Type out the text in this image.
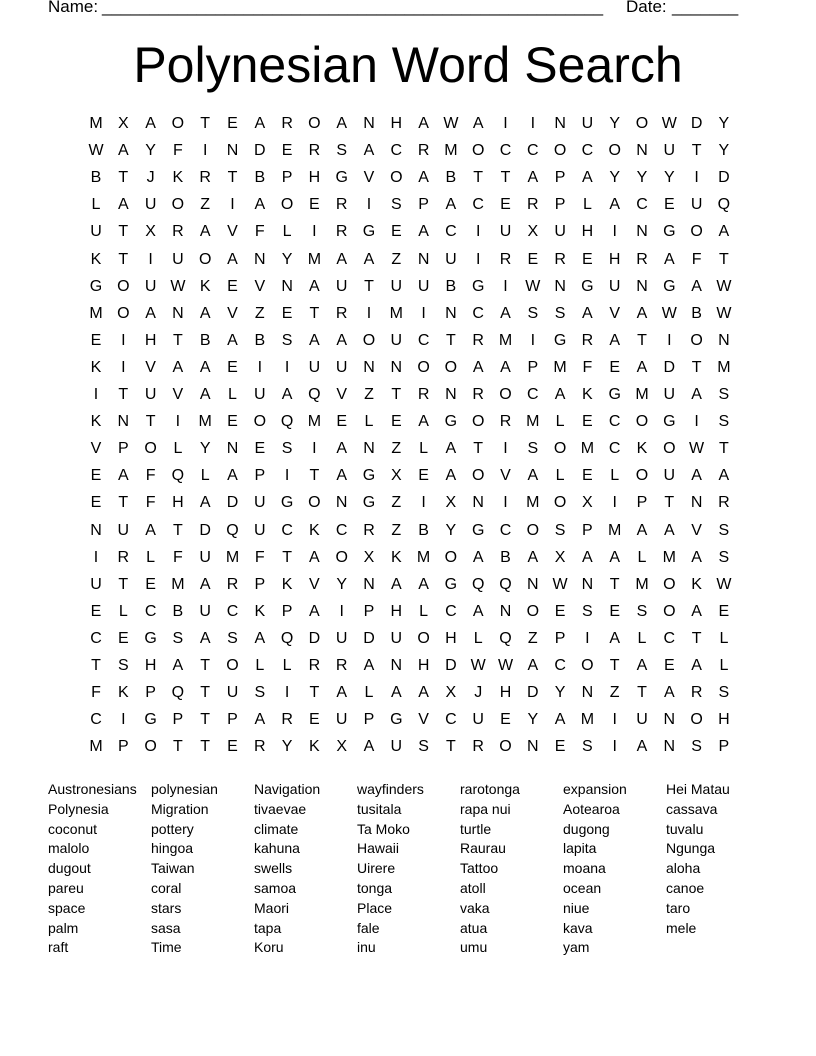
Name: _____________________________________________________ Date: _______
Polynesian Word Search
M X A O	T	E A R O A N H A W A	I	I	N U Y O W D Y
W A Y	F	I	N D E R S A C R M O C C O C O N U	T	Y
B	T	J	K R	T	B P H G V O A B	T	T	A P A Y Y Y	I	D
L	A U O	Z	I	A O E R	I	S P A C E R P	L	A C E U Q
U	T	X R A V	F	L	I	R G E A C	I	U X U H	I	N G O A
K	T	I	U O A N Y M A A	Z	N U	I	R E R E H R A	F	T
G O U W K E V N A U	T	U U B G	I	W N G U N G A W
M O A N A V	Z	E	T	R	I	M	I	N C A S S A V A W B W
E	I	H	T	B A B S A A O U C	T	R M	I	G R A	T	I	O N
K	I	V A A E	I	I	U U N N O O A A P M F	E A D	T M
I	T	U V A	L	U A Q V	Z	T	R N R O C A K G M U A S
K N	T	I	M E O Q M E	L	E A G O R M	L	E C O G	I	S
V P O	L	Y N E S	I	A N	Z	L	A	T	I	S O M C K O W T
E A	F	Q	L	A P	I	T	A G X E A O V A	L	E	L	O U A A
E	T	F	H A D U G O N G	Z	I	X N	I	M O X	I	P	T	N R
N U A	T	D Q U C K C R	Z	B Y G C O S P M A A V S
I	R	L	F	U M F	T	A O X K M O A B A X A A	L	M A S
U	T	E M A R P K V Y N A A G Q Q N W N	T M O K W
E	L	C B U C K P A	I	P H	L	C A N O E S E S O A E
C E G S A S A Q D U D U O H	L	Q	Z	P	I	A	L	C	T	L
T	S H A	T	O	L	L	R R A N H D W W A C O	T	A E A	L
F	K P Q	T	U S	I	T	A	L	A A X	J	H D Y N	Z	T	A R S
C	I	G P	T	P A R E U P G V C U E Y A M	I	U N O H
M P O	T	T	E R Y K X A U S	T	R O N E S	I	A N S P
Austronesians
Polynesia
coconut
malolo
dugout
pareu
space
palm
raft
polynesian
Migration
pottery
hingoa
Taiwan
coral
stars
sasa
Time
Navigation
tivaevae
climate
kahuna
swells
samoa
Maori
tapa
Koru
wayfinders
tusitala
Ta Moko
Hawaii
Uirere
tonga
Place
fale
inu
rarotonga
rapa nui
turtle
Raurau
Tattoo
atoll
vaka
atua
umu
expansion
Aotearoa
dugong
lapita
moana
ocean
niue
kava
yam
Hei Matau
cassava
tuvalu
Ngunga
aloha
canoe
taro
mele
